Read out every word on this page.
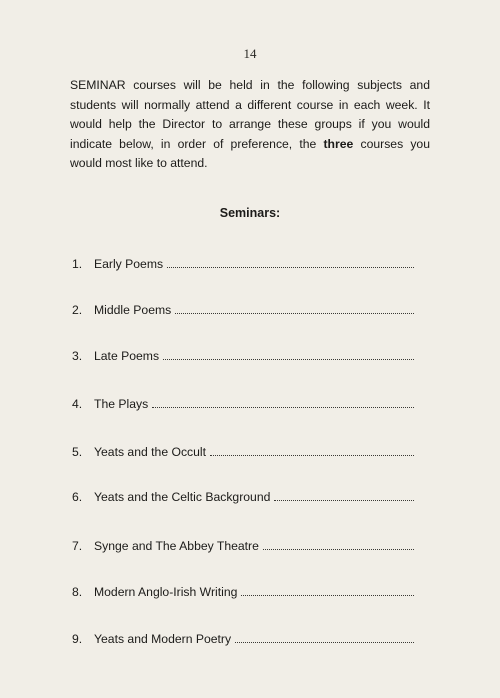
14

SEMINAR courses will be held in the following subjects and students will normally attend a different course in each week. It would help the Director to arrange these groups if you would indicate below, in order of preference, the three courses you would most like to attend.

Seminars:
1. Early Poems
2. Middle Poems
3. Late Poems
4. The Plays
5. Yeats and the Occult
6. Yeats and the Celtic Background
7. Synge and The Abbey Theatre
8. Modern Anglo-Irish Writing
9. Yeats and Modern Poetry
